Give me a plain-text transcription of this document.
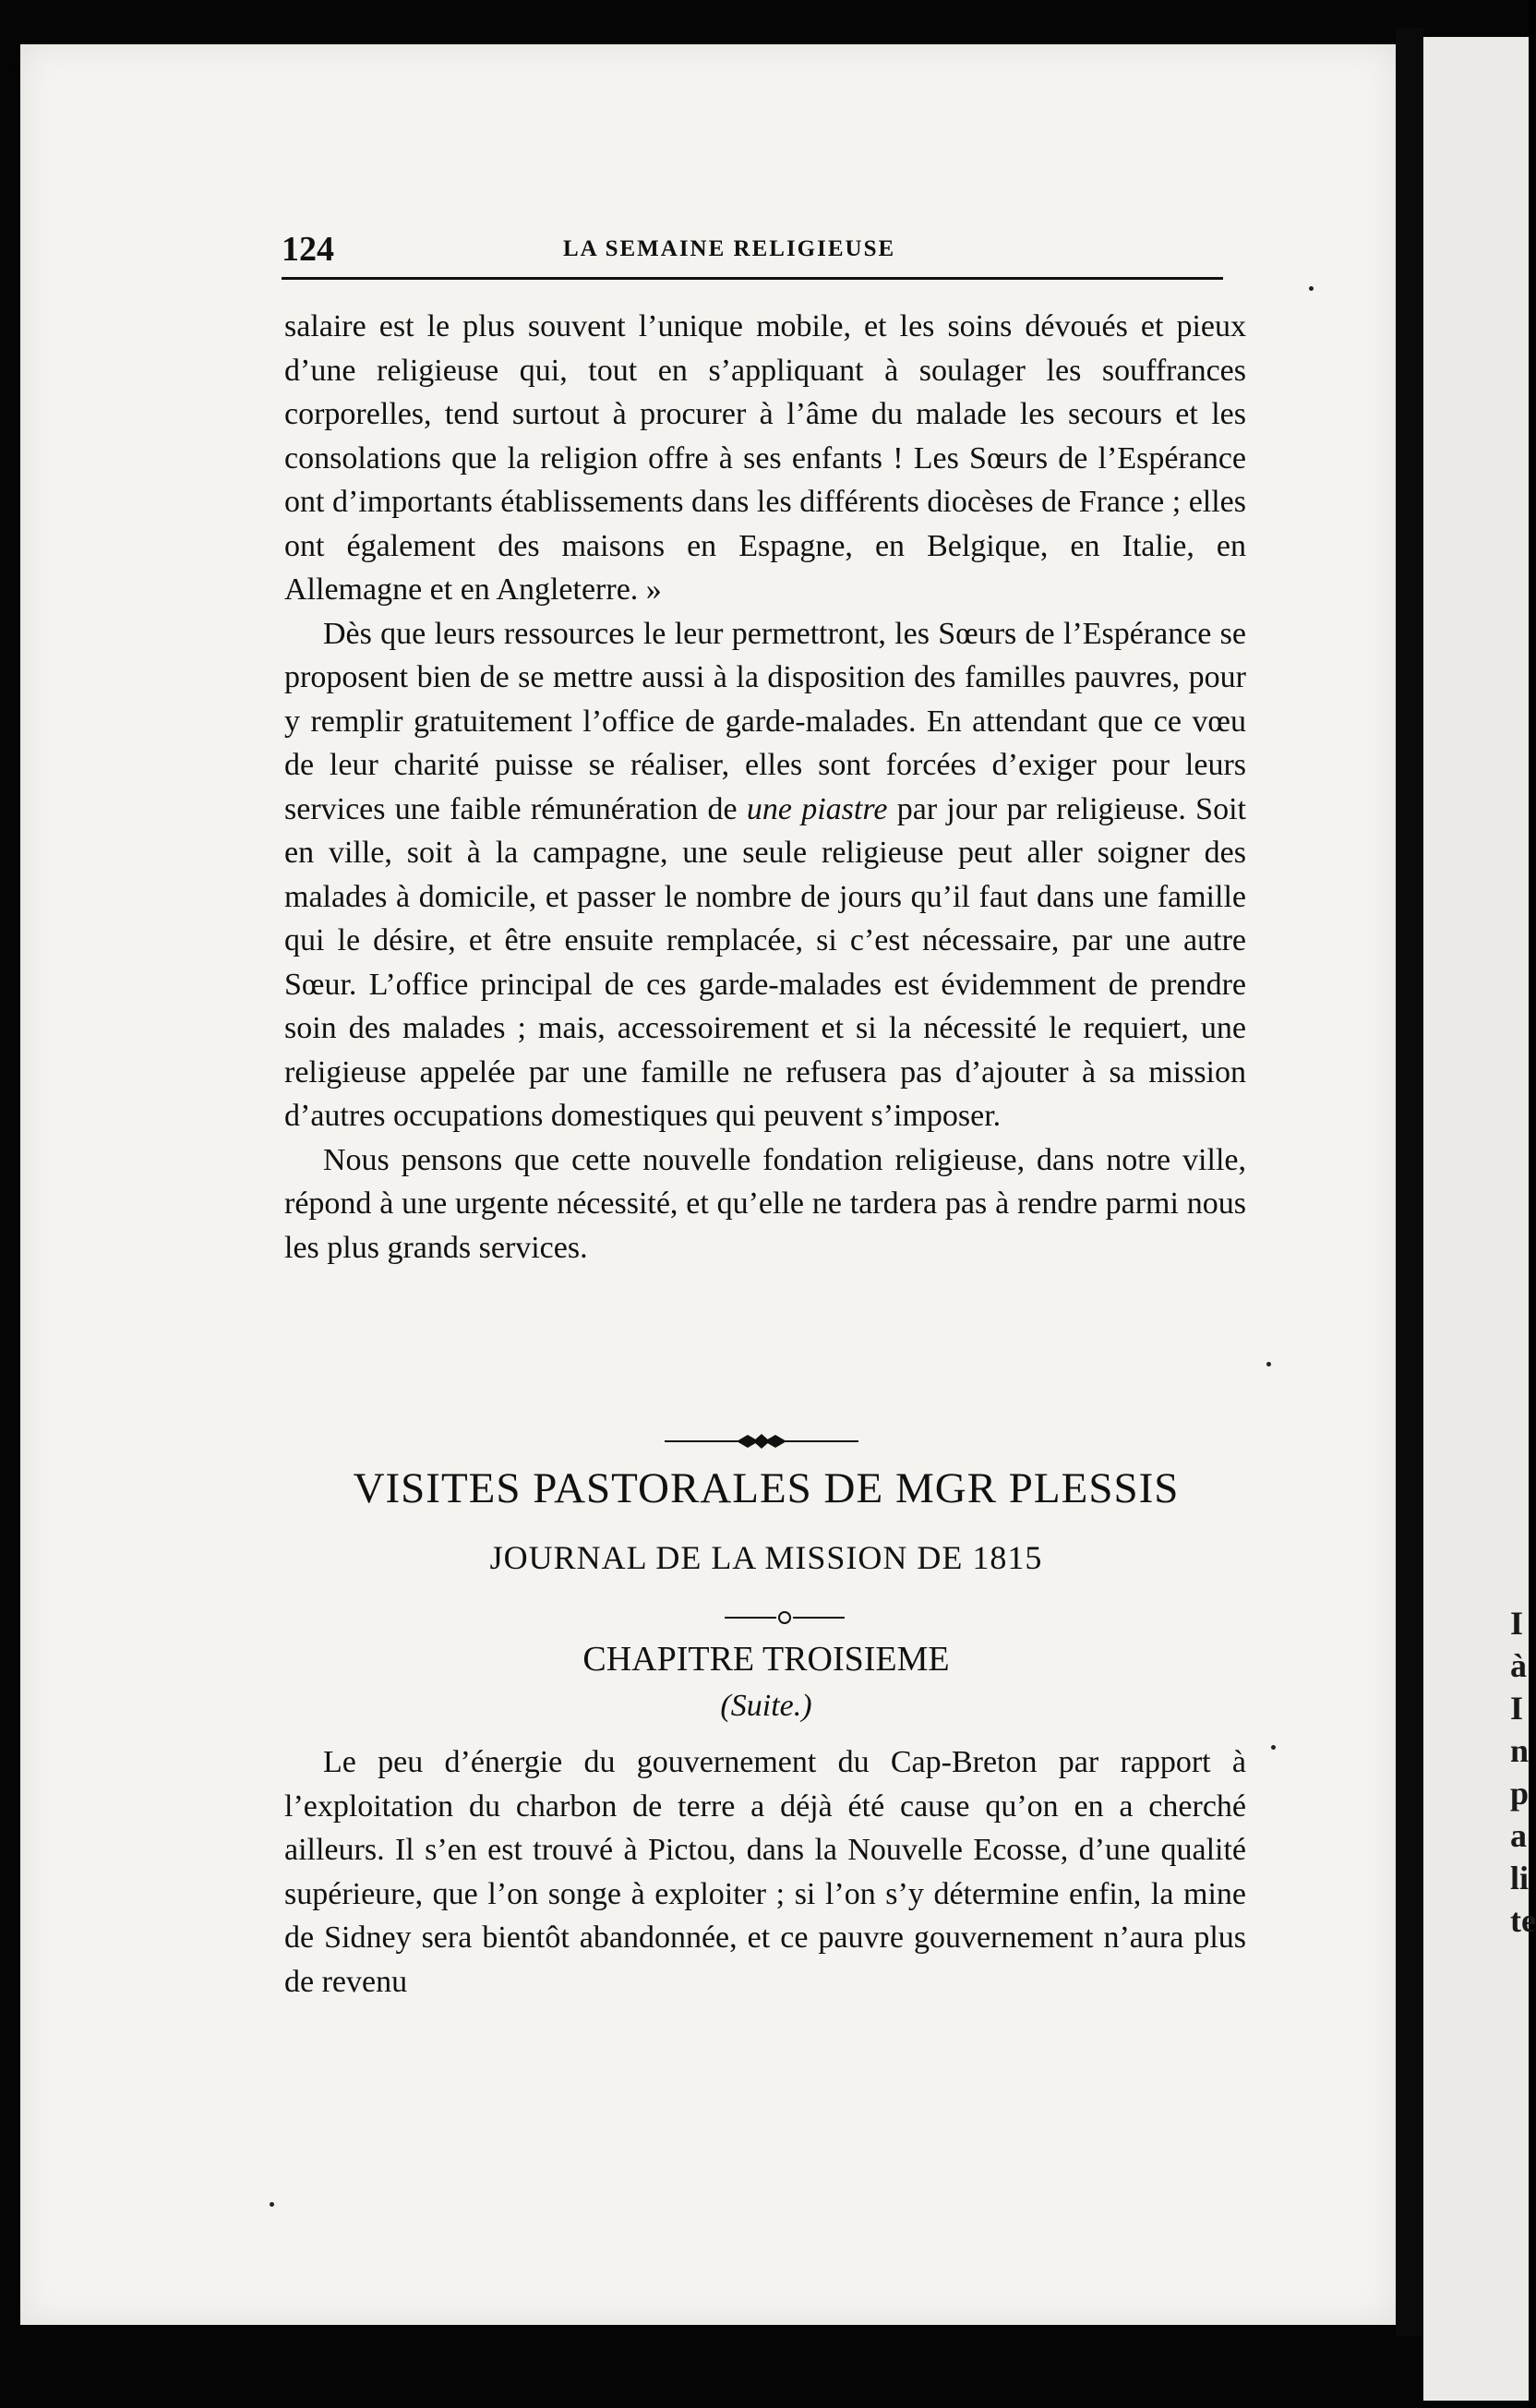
I
à
I
n
p
a
li
te
124	LA SEMAINE RELIGIEUSE

salaire est le plus souvent l’unique mobile, et les soins dévoués et pieux d’une religieuse qui, tout en s’appliquant à soulager les souffrances corporelles, tend surtout à procurer à l’âme du malade les secours et les consolations que la religion offre à ses enfants ! Les Sœurs de l’Espérance ont d’importants établissements dans les différents diocèses de France ; elles ont également des maisons en Espagne, en Belgique, en Italie, en Allemagne et en Angleterre. »

Dès que leurs ressources le leur permettront, les Sœurs de l’Espérance se proposent bien de se mettre aussi à la disposition des familles pauvres, pour y remplir gratuitement l’office de garde-malades. En attendant que ce vœu de leur charité puisse se réaliser, elles sont forcées d’exiger pour leurs services une faible rémunération de une piastre par jour par religieuse. Soit en ville, soit à la campagne, une seule religieuse peut aller soigner des malades à domicile, et passer le nombre de jours qu’il faut dans une famille qui le désire, et être ensuite remplacée, si c’est nécessaire, par une autre Sœur. L’office principal de ces garde-malades est évidemment de prendre soin des malades ; mais, accessoirement et si la nécessité le requiert, une religieuse appelée par une famille ne refusera pas d’ajouter à sa mission d’autres occupations domestiques qui peuvent s’imposer.

Nous pensons que cette nouvelle fondation religieuse, dans notre ville, répond à une urgente nécessité, et qu’elle ne tardera pas à rendre parmi nous les plus grands services.

VISITES PASTORALES DE MGR PLESSIS
JOURNAL DE LA MISSION DE 1815
CHAPITRE TROISIEME
(Suite.)

Le peu d’énergie du gouvernement du Cap-Breton par rapport à l’exploitation du charbon de terre a déjà été cause qu’on en a cherché ailleurs. Il s’en est trouvé à Pictou, dans la Nouvelle Ecosse, d’une qualité supérieure, que l’on songe à exploiter ; si l’on s’y détermine enfin, la mine de Sidney sera bientôt abandonnée, et ce pauvre gouvernement n’aura plus de revenu
